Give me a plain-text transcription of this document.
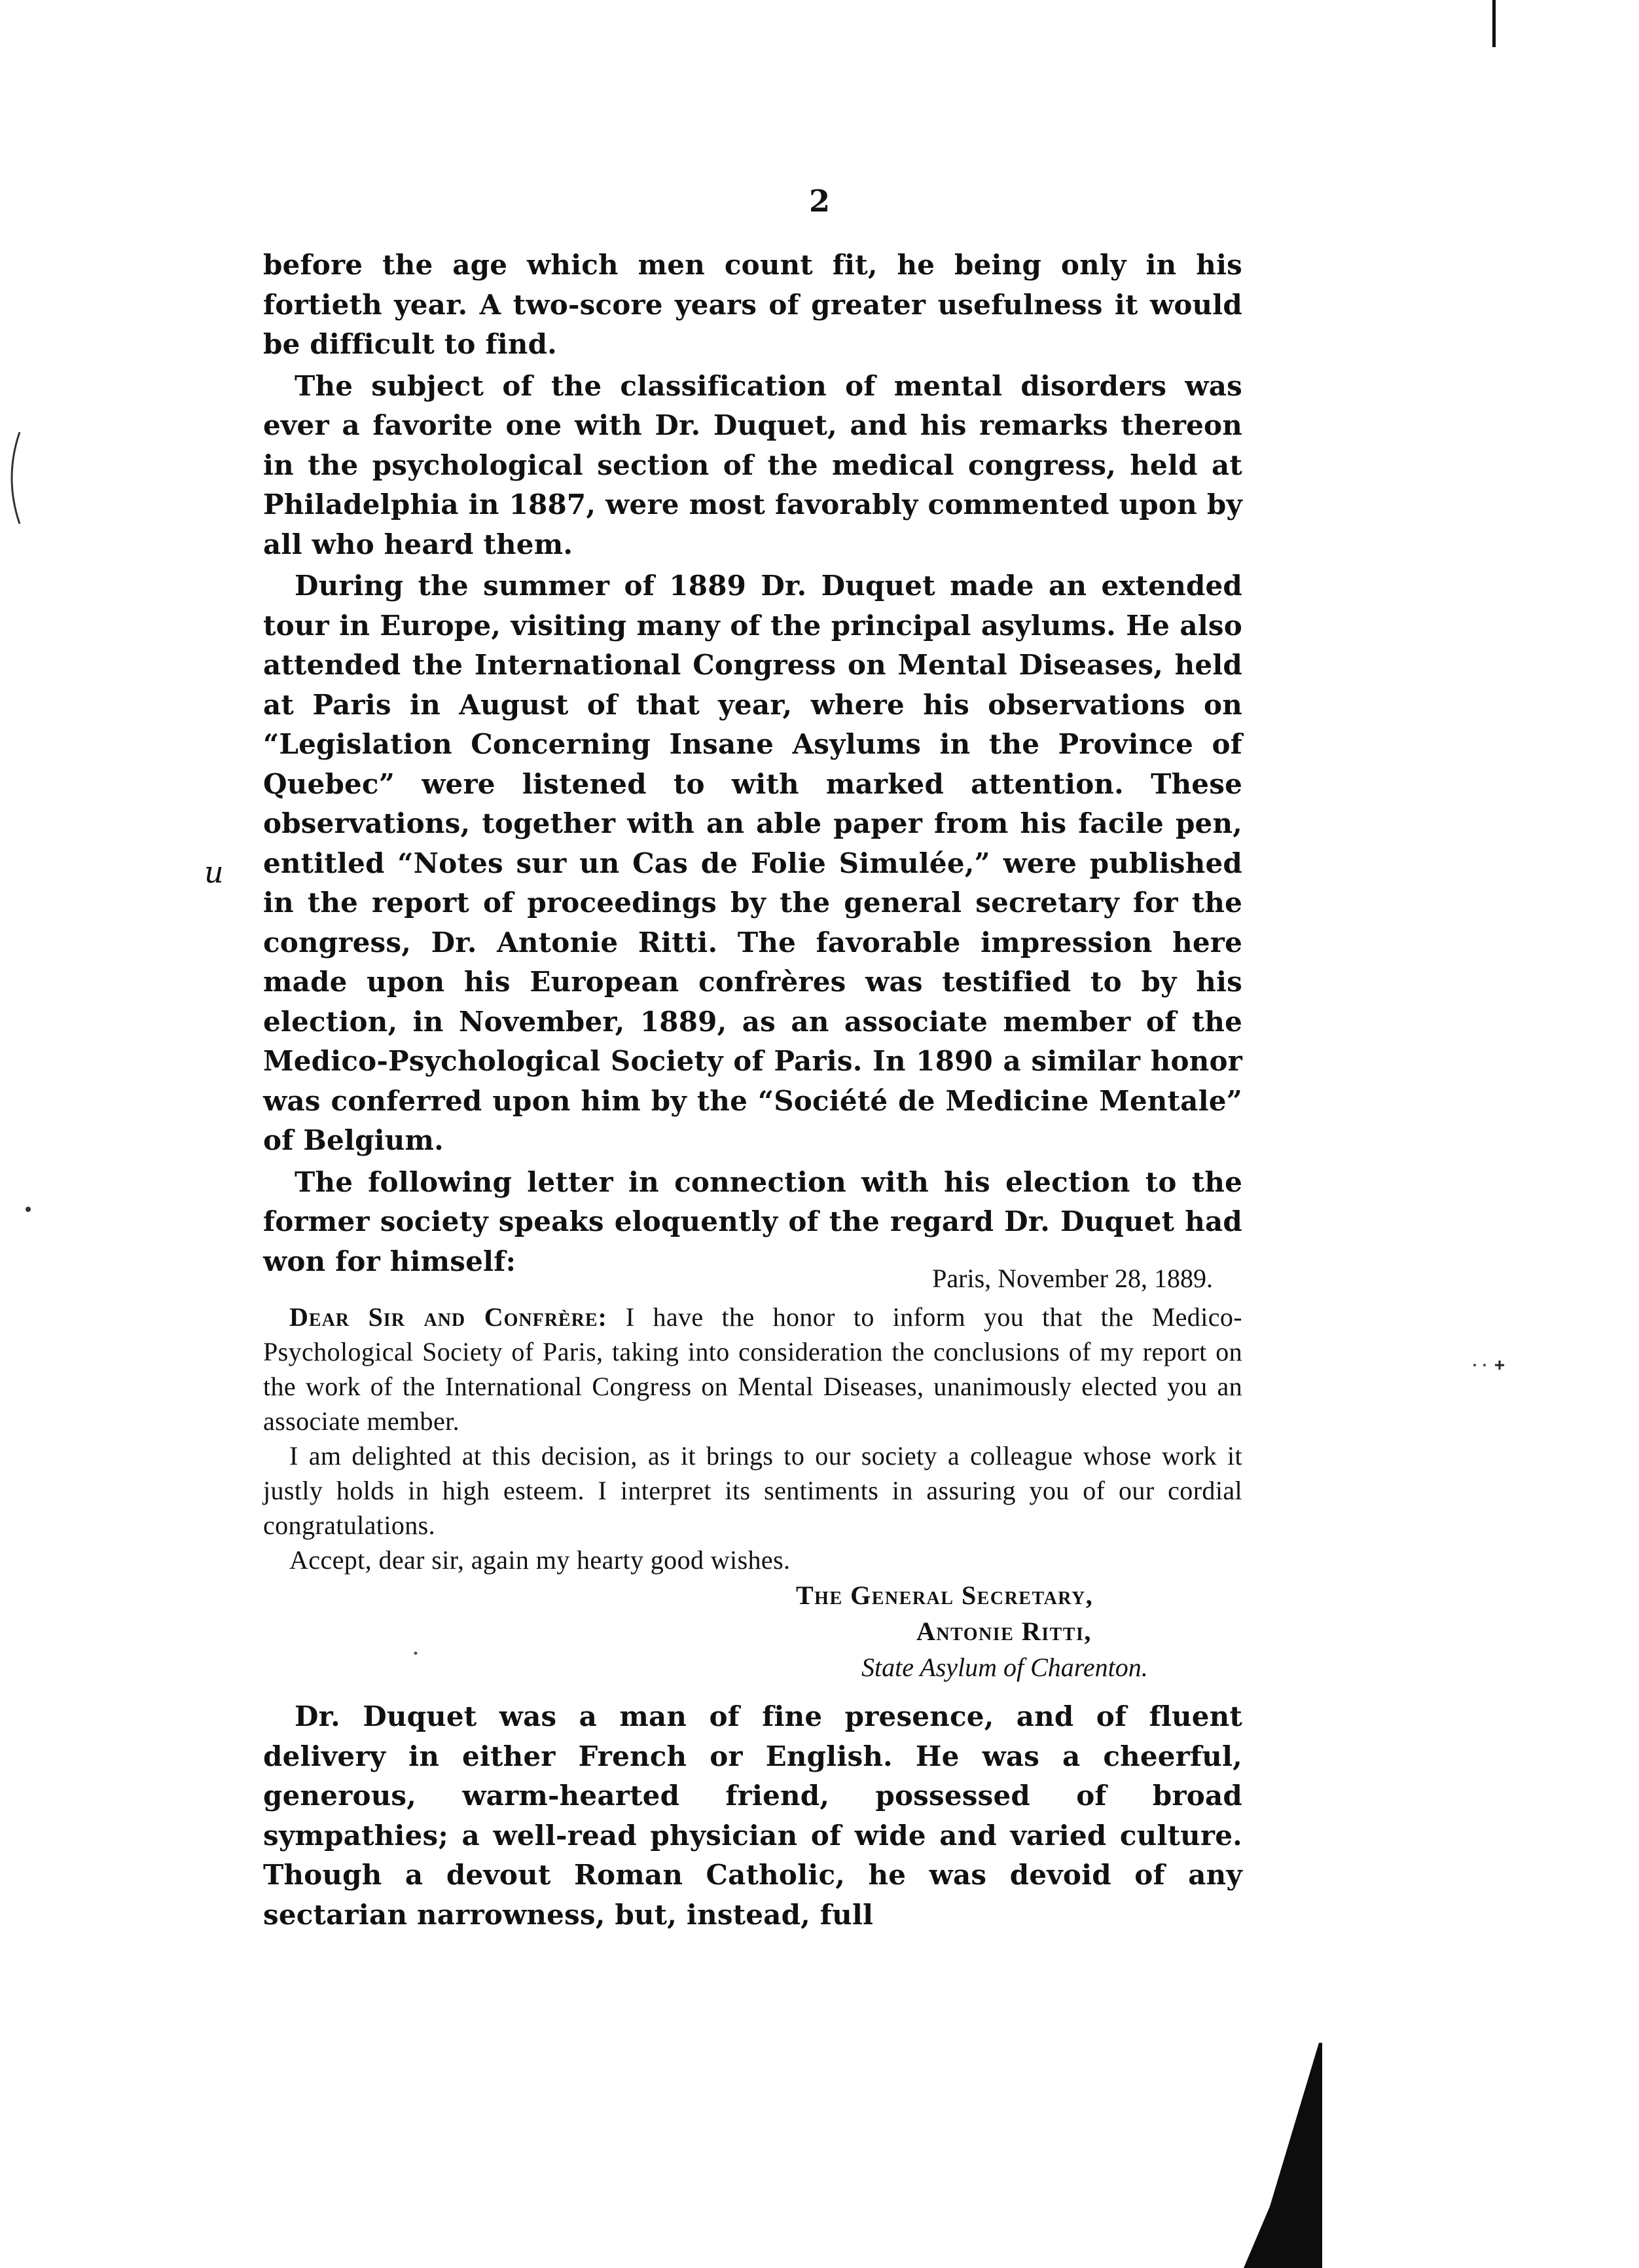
2

before the age which men count fit, he being only in his fortieth year. A two-score years of greater usefulness it would be difficult to find.

The subject of the classification of mental disorders was ever a favorite one with Dr. Duquet, and his remarks thereon in the psychological section of the medical congress, held at Philadelphia in 1887, were most favorably commented upon by all who heard them.

During the summer of 1889 Dr. Duquet made an extended tour in Europe, visiting many of the principal asylums. He also attended the International Congress on Mental Diseases, held at Paris in August of that year, where his observations on “Legislation Concerning Insane Asylums in the Province of Quebec” were listened to with marked attention. These observations, together with an able paper from his facile pen, entitled “Notes sur un Cas de Folie Simulée,” were published in the report of proceedings by the general secretary for the congress, Dr. Antonie Ritti. The favorable impression here made upon his European confrères was testified to by his election, in November, 1889, as an associate member of the Medico-Psychological Society of Paris. In 1890 a similar honor was conferred upon him by the “Société de Medicine Mentale” of Belgium.

The following letter in connection with his election to the former society speaks eloquently of the regard Dr. Duquet had won for himself:

u

Paris, November 28, 1889.

Dear Sir and Confrère: I have the honor to inform you that the Medico-Psychological Society of Paris, taking into consideration the conclusions of my report on the work of the International Congress on Mental Diseases, unanimously elected you an associate member.

I am delighted at this decision, as it brings to our society a colleague whose work it justly holds in high esteem. I interpret its sentiments in assuring you of our cordial congratulations.

Accept, dear sir, again my hearty good wishes.

The General Secretary,

Antonie Ritti,

State Asylum of Charenton.

Dr. Duquet was a man of fine presence, and of fluent delivery in either French or English. He was a cheerful, generous, warm-hearted friend, possessed of broad sympathies; a well-read physician of wide and varied culture. Though a devout Roman Catholic, he was devoid of any sectarian narrowness, but, instead, full
